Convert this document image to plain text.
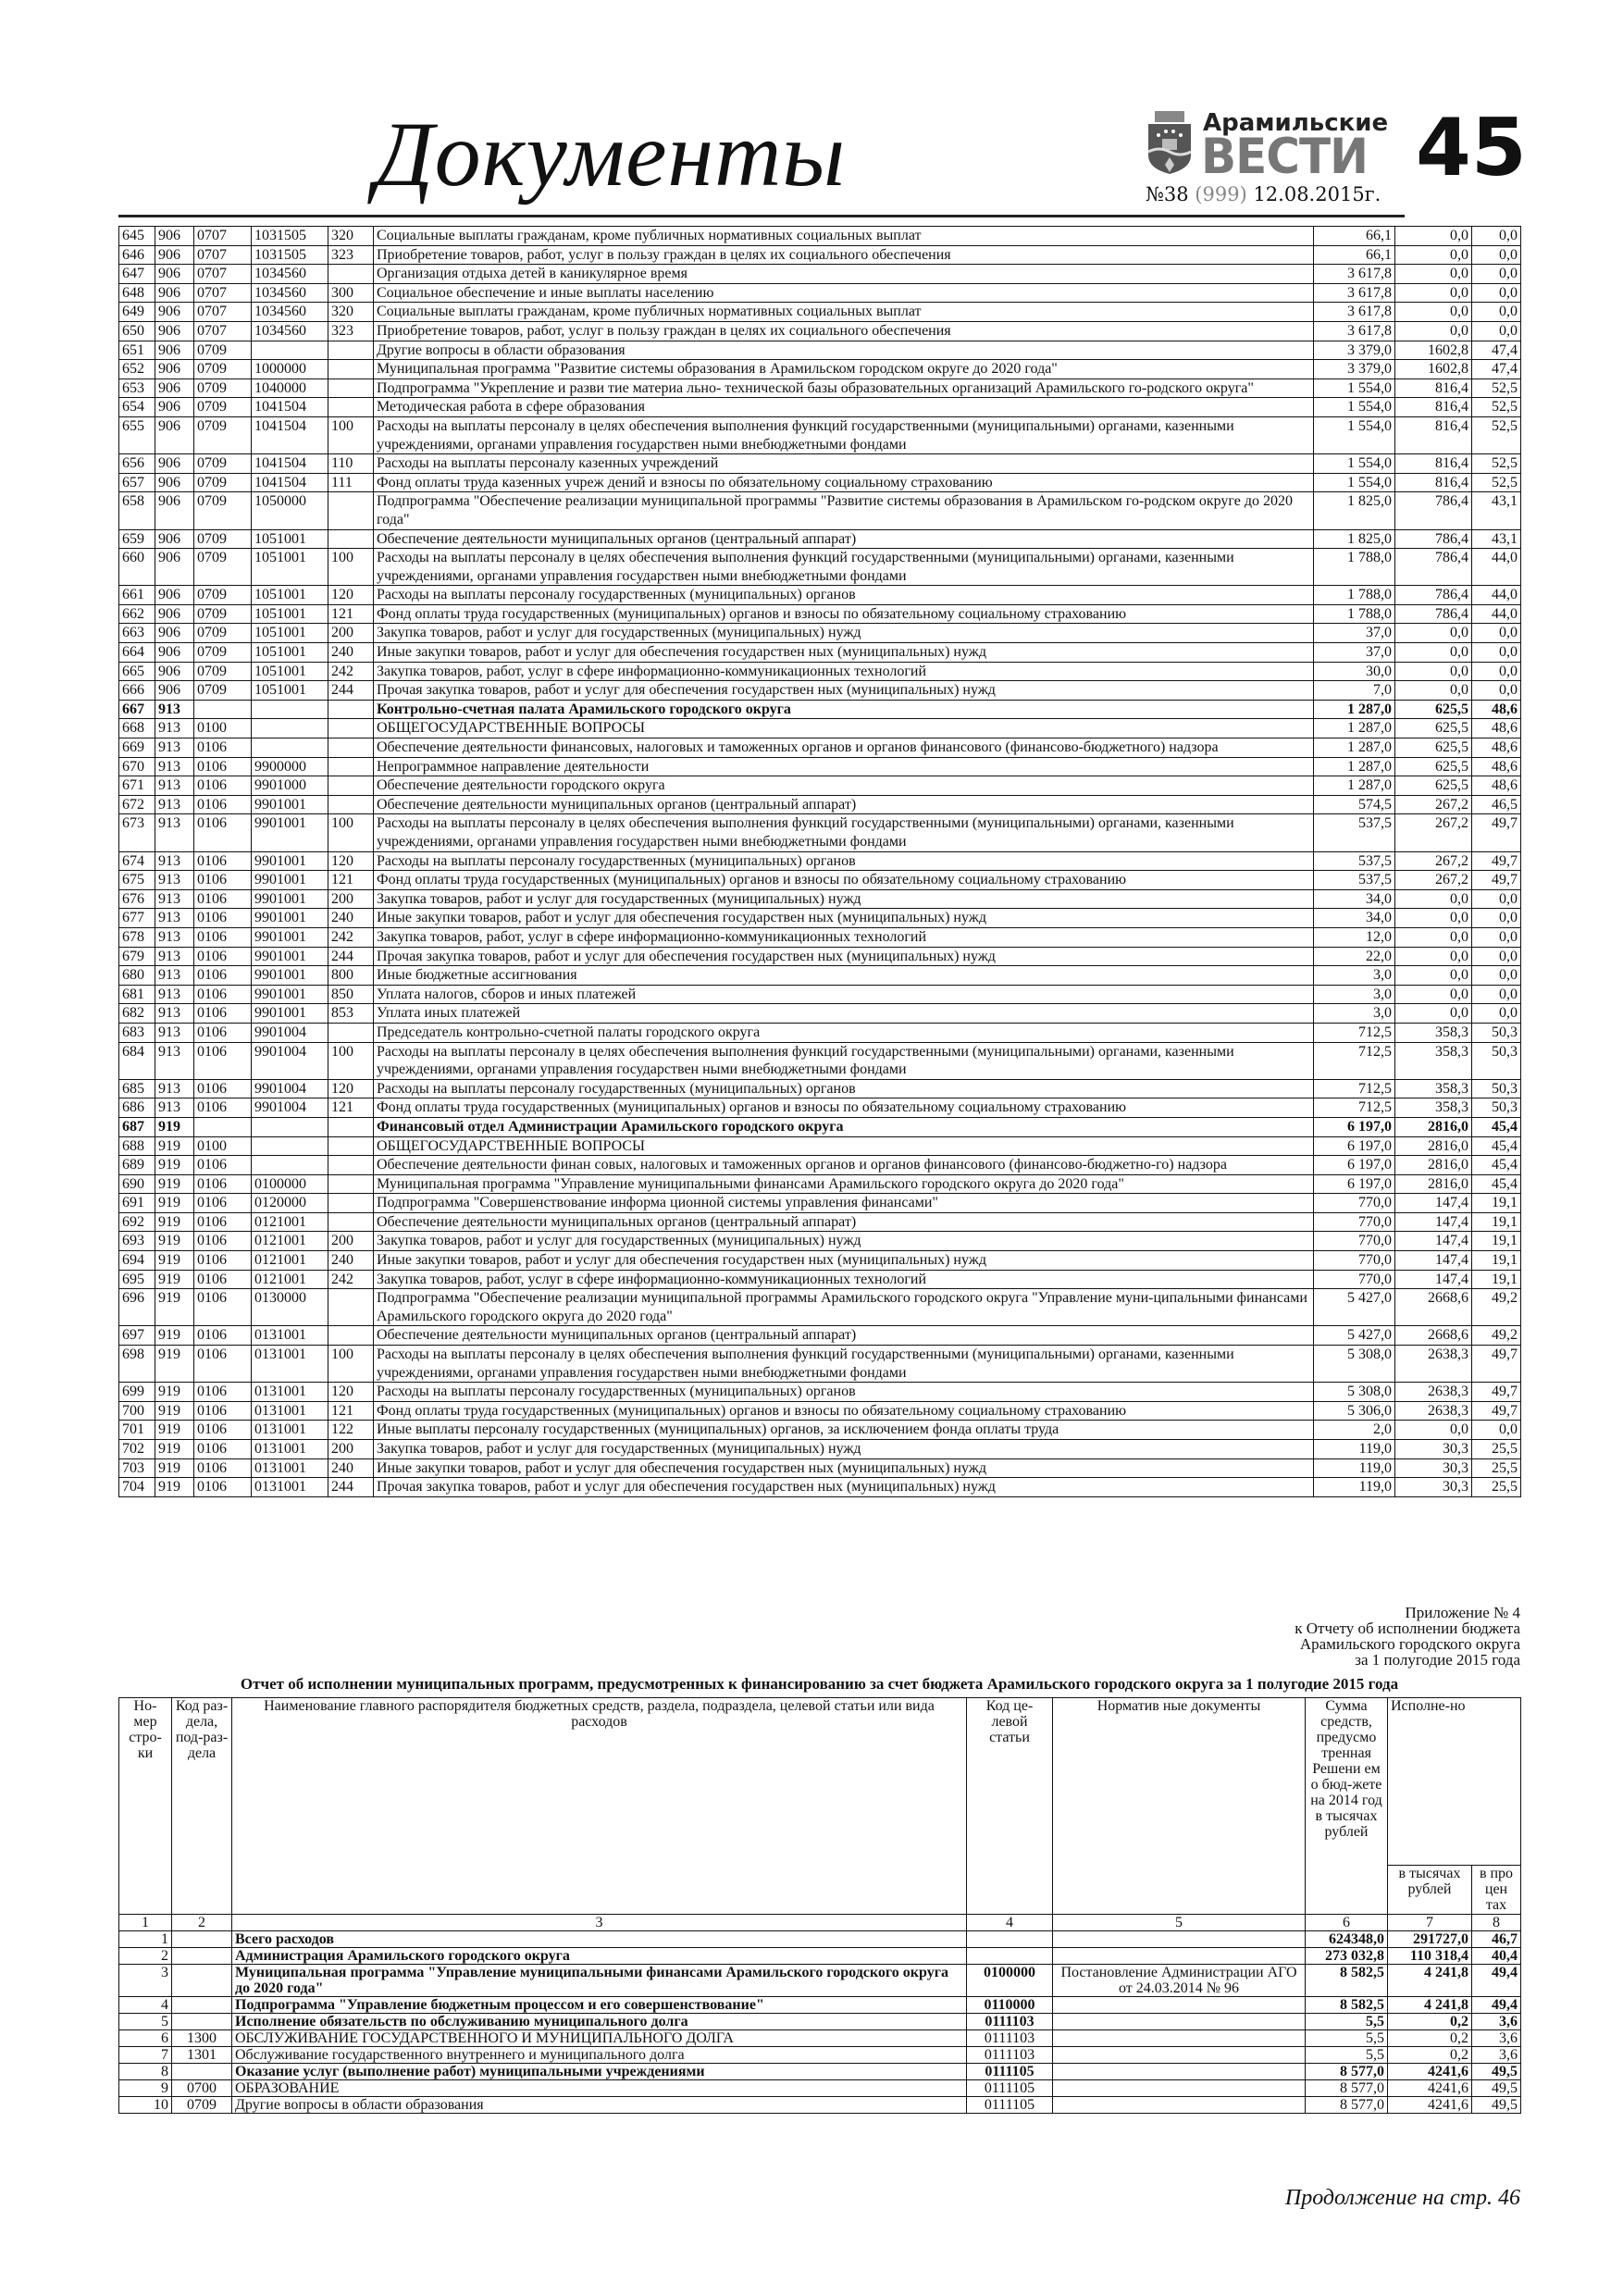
Документы	Арамильские
ВЕСТИ
№38 (999) 12.08.2015г. 45
645	906	0707	1031505	320	Социальные выплаты гражданам, кроме публичных нормативных социальных выплат	66,1	0,0	0,0
646	906	0707	1031505	323	Приобретение товаров, работ, услуг в пользу граждан в целях их социального обеспечения	66,1	0,0	0,0
647	906	0707	1034560		Организация отдыха детей в каникулярное время	3 617,8	0,0	0,0
648	906	0707	1034560	300	Социальное обеспечение и иные выплаты населению	3 617,8	0,0	0,0
649	906	0707	1034560	320	Социальные выплаты гражданам, кроме публичных нормативных социальных выплат	3 617,8	0,0	0,0
650	906	0707	1034560	323	Приобретение товаров, работ, услуг в пользу граждан в целях их социального обеспечения	3 617,8	0,0	0,0
651	906	0709			Другие вопросы в области образования	3 379,0	1602,8	47,4
652	906	0709	1000000		Муниципальная программа "Развитие системы образования в Арамильском городском округе до 2020 года"	3 379,0	1602,8	47,4
653	906	0709	1040000		Подпрограмма "Укрепление и разви тие материа льно- технической базы образовательных организаций Арамильского го-родского округа"	1 554,0	816,4	52,5
654	906	0709	1041504		Методическая работа в сфере образования	1 554,0	816,4	52,5
655	906	0709	1041504	100	Расходы на выплаты персоналу в целях обеспечения выполнения функций государственными (муниципальными) органами, казенными учреждениями, органами управления государствен ными внебюджетными фондами	1 554,0	816,4	52,5
656	906	0709	1041504	110	Расходы на выплаты персоналу казенных учреждений	1 554,0	816,4	52,5
657	906	0709	1041504	111	Фонд оплаты труда казенных учреж дений и взносы по обязательному социальному страхованию	1 554,0	816,4	52,5
658	906	0709	1050000		Подпрограмма "Обеспечение реализации муниципальной программы "Развитие системы образования в Арамильском го-родском округе до 2020 года"	1 825,0	786,4	43,1
659	906	0709	1051001		Обеспечение деятельности муниципальных органов (центральный аппарат)	1 825,0	786,4	43,1
660	906	0709	1051001	100	Расходы на выплаты персоналу в целях обеспечения выполнения функций государственными (муниципальными) органами, казенными учреждениями, органами управления государствен ными внебюджетными фондами	1 788,0	786,4	44,0
661	906	0709	1051001	120	Расходы на выплаты персоналу государственных (муниципальных) органов	1 788,0	786,4	44,0
662	906	0709	1051001	121	Фонд оплаты труда государственных (муниципальных) органов и взносы по обязательному социальному страхованию	1 788,0	786,4	44,0
663	906	0709	1051001	200	Закупка товаров, работ и услуг для государственных (муниципальных) нужд	37,0	0,0	0,0
664	906	0709	1051001	240	Иные закупки товаров, работ и услуг для обеспечения государствен ных (муниципальных) нужд	37,0	0,0	0,0
665	906	0709	1051001	242	Закупка товаров, работ, услуг в сфере информационно-коммуникационных технологий	30,0	0,0	0,0
666	906	0709	1051001	244	Прочая закупка товаров, работ и услуг для обеспечения государствен ных (муниципальных) нужд	7,0	0,0	0,0
667	913				Контрольно-счетная палата Арамильского городского округа	1 287,0	625,5	48,6
668	913	0100			ОБЩЕГОСУДАРСТВЕННЫЕ ВОПРОСЫ	1 287,0	625,5	48,6
669	913	0106			Обеспечение деятельности финансовых, налоговых и таможенных органов и органов финансового (финансово-бюджетного) надзора	1 287,0	625,5	48,6
670	913	0106	9900000		Непрограммное направление деятельности	1 287,0	625,5	48,6
671	913	0106	9901000		Обеспечение деятельности городского округа	1 287,0	625,5	48,6
672	913	0106	9901001		Обеспечение деятельности муниципальных органов (центральный аппарат)	574,5	267,2	46,5
673	913	0106	9901001	100	Расходы на выплаты персоналу в целях обеспечения выполнения функций государственными (муниципальными) органами, казенными учреждениями, органами управления государствен ными внебюджетными фондами	537,5	267,2	49,7
674	913	0106	9901001	120	Расходы на выплаты персоналу государственных (муниципальных) органов	537,5	267,2	49,7
675	913	0106	9901001	121	Фонд оплаты труда государственных (муниципальных) органов и взносы по обязательному социальному страхованию	537,5	267,2	49,7
676	913	0106	9901001	200	Закупка товаров, работ и услуг для государственных (муниципальных) нужд	34,0	0,0	0,0
677	913	0106	9901001	240	Иные закупки товаров, работ и услуг для обеспечения государствен ных (муниципальных) нужд	34,0	0,0	0,0
678	913	0106	9901001	242	Закупка товаров, работ, услуг в сфере информационно-коммуникационных технологий	12,0	0,0	0,0
679	913	0106	9901001	244	Прочая закупка товаров, работ и услуг для обеспечения государствен ных (муниципальных) нужд	22,0	0,0	0,0
680	913	0106	9901001	800	Иные бюджетные ассигнования	3,0	0,0	0,0
681	913	0106	9901001	850	Уплата налогов, сборов и иных платежей	3,0	0,0	0,0
682	913	0106	9901001	853	Уплата иных платежей	3,0	0,0	0,0
683	913	0106	9901004		Председатель контрольно-счетной палаты городского округа	712,5	358,3	50,3
684	913	0106	9901004	100	Расходы на выплаты персоналу в целях обеспечения выполнения функций государственными (муниципальными) органами, казенными учреждениями, органами управления государствен ными внебюджетными фондами	712,5	358,3	50,3
685	913	0106	9901004	120	Расходы на выплаты персоналу государственных (муниципальных) органов	712,5	358,3	50,3
686	913	0106	9901004	121	Фонд оплаты труда государственных (муниципальных) органов и взносы по обязательному социальному страхованию	712,5	358,3	50,3
687	919				Финансовый отдел Администрации Арамильского городского округа	6 197,0	2816,0	45,4
688	919	0100			ОБЩЕГОСУДАРСТВЕННЫЕ ВОПРОСЫ	6 197,0	2816,0	45,4
689	919	0106			Обеспечение деятельности финан совых, налоговых и таможенных органов и органов финансового (финансово-бюджетно-го) надзора	6 197,0	2816,0	45,4
690	919	0106	0100000		Муниципальная программа "Управление муниципальными финансами Арамильского городского округа до 2020 года"	6 197,0	2816,0	45,4
691	919	0106	0120000		Подпрограмма "Совершенствование информа ционной системы управления финансами"	770,0	147,4	19,1
692	919	0106	0121001		Обеспечение деятельности муниципальных органов (центральный аппарат)	770,0	147,4	19,1
693	919	0106	0121001	200	Закупка товаров, работ и услуг для государственных (муниципальных) нужд	770,0	147,4	19,1
694	919	0106	0121001	240	Иные закупки товаров, работ и услуг для обеспечения государствен ных (муниципальных) нужд	770,0	147,4	19,1
695	919	0106	0121001	242	Закупка товаров, работ, услуг в сфере информационно-коммуникационных технологий	770,0	147,4	19,1
696	919	0106	0130000		Подпрограмма "Обеспечение реализации муниципальной программы Арамильского городского округа "Управление муни-ципальными финансами Арамильского городского округа до 2020 года"	5 427,0	2668,6	49,2
697	919	0106	0131001		Обеспечение деятельности муниципальных органов (центральный аппарат)	5 427,0	2668,6	49,2
698	919	0106	0131001	100	Расходы на выплаты персоналу в целях обеспечения выполнения функций государственными (муниципальными) органами, казенными учреждениями, органами управления государствен ными внебюджетными фондами	5 308,0	2638,3	49,7
699	919	0106	0131001	120	Расходы на выплаты персоналу государственных (муниципальных) органов	5 308,0	2638,3	49,7
700	919	0106	0131001	121	Фонд оплаты труда государственных (муниципальных) органов и взносы по обязательному социальному страхованию	5 306,0	2638,3	49,7
701	919	0106	0131001	122	Иные выплаты персоналу государственных (муниципальных) органов, за исключением фонда оплаты труда	2,0	0,0	0,0
702	919	0106	0131001	200	Закупка товаров, работ и услуг для государственных (муниципальных) нужд	119,0	30,3	25,5
703	919	0106	0131001	240	Иные закупки товаров, работ и услуг для обеспечения государствен ных (муниципальных) нужд	119,0	30,3	25,5
704	919	0106	0131001	244	Прочая закупка товаров, работ и услуг для обеспечения государствен ных (муниципальных) нужд	119,0	30,3	25,5
Приложение № 4
к Отчету об исполнении бюджета
Арамильского городского округа
за 1 полугодие 2015 года
Отчет об исполнении муниципальных программ, предусмотренных к финансированию за счет бюджета Арамильского городского округа за 1 полугодие 2015 года
Но-мер стро-ки	Код раз-дела, под-раз-дела	Наименование главного распорядителя бюджетных средств, раздела, подраздела, целевой статьи или вида расходов	Код це-левой статьи	Норматив ные документы	Сумма средств, предусмо тренная Решени ем о бюд-жете на 2014 год в тысячах рублей	Исполне-но	
						в тысячах рублей	в про цен тах
1	2	3	4	5	6	7	8
1		Всего расходов			624348,0	291727,0	46,7
2		Администрация Арамильского городского округа			273 032,8	110 318,4	40,4
3		Муниципальная программа "Управление муниципальными финансами Арамильского городского округа до 2020 года"	0100000	Постановление Администрации АГО от 24.03.2014 № 96	8 582,5	4 241,8	49,4
4		Подпрограмма "Управление бюджетным процессом и его совершенствование"	0110000		8 582,5	4 241,8	49,4
5		Исполнение обязательств по обслуживанию муниципального долга	0111103		5,5	0,2	3,6
6	1300	ОБСЛУЖИВАНИЕ ГОСУДАРСТВЕННОГО И МУНИЦИПАЛЬНОГО ДОЛГА	0111103		5,5	0,2	3,6
7	1301	Обслуживание государственного внутреннего и муниципального долга	0111103		5,5	0,2	3,6
8		Оказание услуг (выполнение работ) муниципальными учреждениями	0111105		8 577,0	4241,6	49,5
9	0700	ОБРАЗОВАНИЕ	0111105		8 577,0	4241,6	49,5
10	0709	Другие вопросы в области образования	0111105		8 577,0	4241,6	49,5
Продолжение на стр. 46
